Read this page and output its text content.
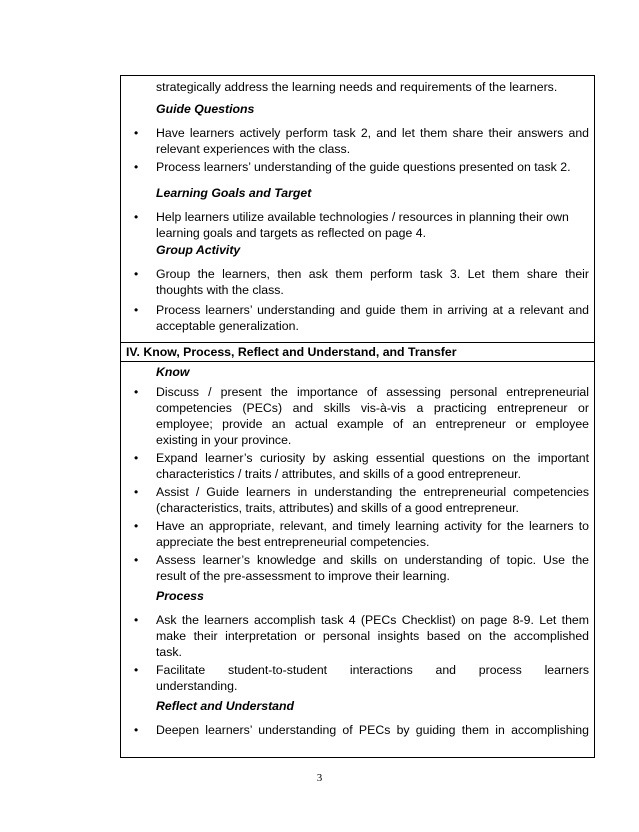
strategically address the learning needs and requirements of the learners.
Guide Questions
• Have learners actively perform task 2, and let them share their answers and
relevant experiences with the class.
• Process learners’ understanding of the guide questions presented on task 2.
Learning Goals and Target
• Help learners utilize available technologies / resources in planning their own
learning goals and targets as reflected on page 4.
Group Activity
• Group the learners, then ask them perform task 3. Let them share their
thoughts with the class.
• Process learners’ understanding and guide them in arriving at a relevant and
acceptable generalization.
IV. Know, Process, Reflect and Understand, and Transfer
Know
• Discuss / present the importance of assessing personal entrepreneurial
competencies (PECs) and skills vis-à-vis a practicing entrepreneur or
employee; provide an actual example of an entrepreneur or employee
existing in your province.
• Expand learner’s curiosity by asking essential questions on the important
characteristics / traits / attributes, and skills of a good entrepreneur.
• Assist / Guide learners in understanding the entrepreneurial competencies
(characteristics, traits, attributes) and skills of a good entrepreneur.
• Have an appropriate, relevant, and timely learning activity for the learners to
appreciate the best entrepreneurial competencies.
• Assess learner’s knowledge and skills on understanding of topic. Use the
result of the pre-assessment to improve their learning.
Process
• Ask the learners accomplish task 4 (PECs Checklist) on page 8-9. Let them
make their interpretation or personal insights based on the accomplished
task.
• Facilitate student-to-student interactions and process learners
understanding.
Reflect and Understand
• Deepen learners’ understanding of PECs by guiding them in accomplishing
3
